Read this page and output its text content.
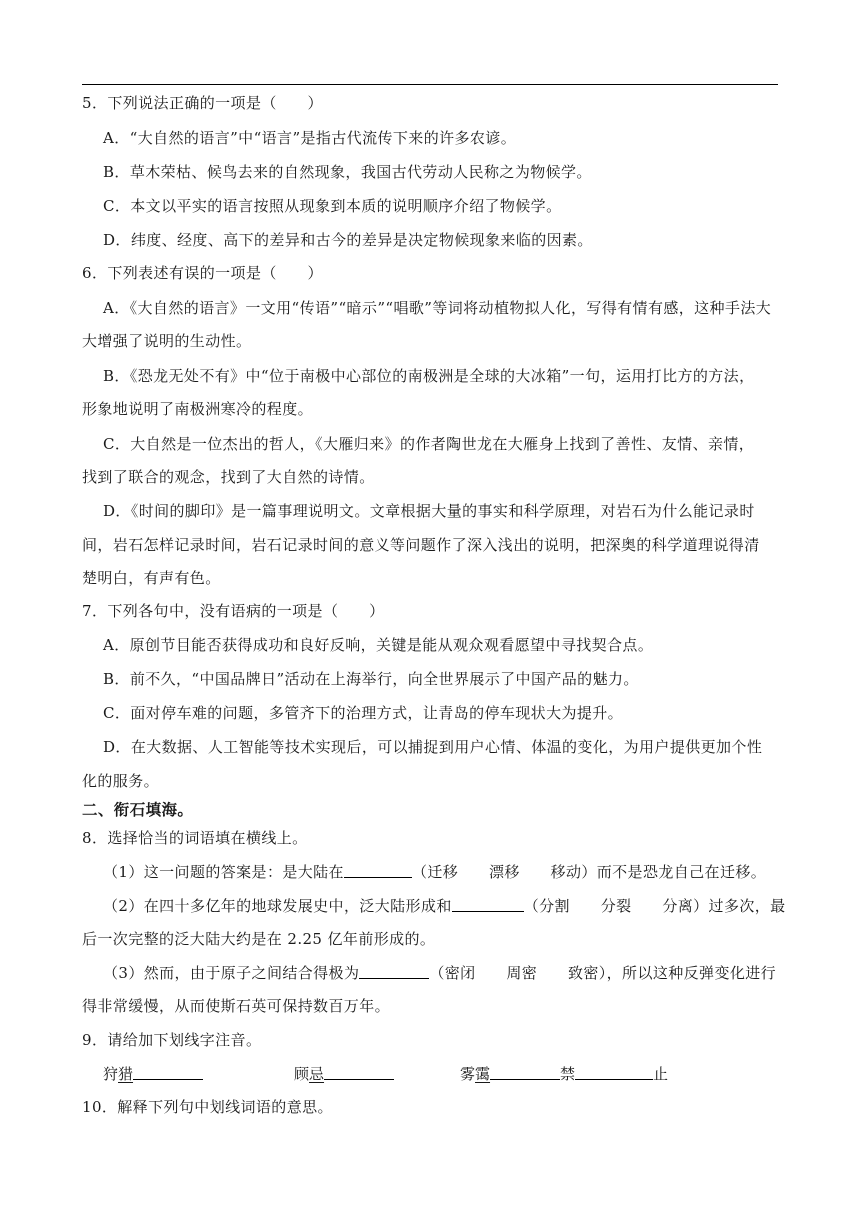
5．下列说法正确的一项是（　　）
A．“大自然的语言”中“语言”是指古代流传下来的许多农谚。
B．草木荣枯、候鸟去来的自然现象，我国古代劳动人民称之为物候学。
C．本文以平实的语言按照从现象到本质的说明顺序介绍了物候学。
D．纬度、经度、高下的差异和古今的差异是决定物候现象来临的因素。
6．下列表述有误的一项是（　　）
A．《大自然的语言》一文用“传语”“暗示”“唱歌”等词将动植物拟人化，写得有情有感，这种手法大
大增强了说明的生动性。
B．《恐龙无处不有》中“位于南极中心部位的南极洲是全球的大冰箱”一句，运用打比方的方法，
形象地说明了南极洲寒冷的程度。
C．大自然是一位杰出的哲人，《大雁归来》的作者陶世龙在大雁身上找到了善性、友情、亲情，
找到了联合的观念，找到了大自然的诗情。
D．《时间的脚印》是一篇事理说明文。文章根据大量的事实和科学原理，对岩石为什么能记录时
间，岩石怎样记录时间，岩石记录时间的意义等问题作了深入浅出的说明，把深奥的科学道理说得清
楚明白，有声有色。
7．下列各句中，没有语病的一项是（　　）
A．原创节目能否获得成功和良好反响，关键是能从观众观看愿望中寻找契合点。
B．前不久，“中国品牌日”活动在上海举行，向全世界展示了中国产品的魅力。
C．面对停车难的问题，多管齐下的治理方式，让青岛的停车现状大为提升。
D．在大数据、人工智能等技术实现后，可以捕捉到用户心情、体温的变化，为用户提供更加个性
化的服务。
二、衔石填海。
8．选择恰当的词语填在横线上。
（1）这一问题的答案是：是大陆在	（迁移　　漂移　　移动）而不是恐龙自己在迁移。
（2）在四十多亿年的地球发展史中，泛大陆形成和	（分割　　分裂　　分离）过多次，最
后一次完整的泛大陆大约是在 2.25 亿年前形成的。
（3）然而，由于原子之间结合得极为	（密闭　　周密　　致密），所以这种反弹变化进行
得非常缓慢，从而使斯石英可保持数百万年。
9．请给加下划线字注音。
狩猎	顾忌	雾霭	禁	止
10．解释下列句中划线词语的意思。
